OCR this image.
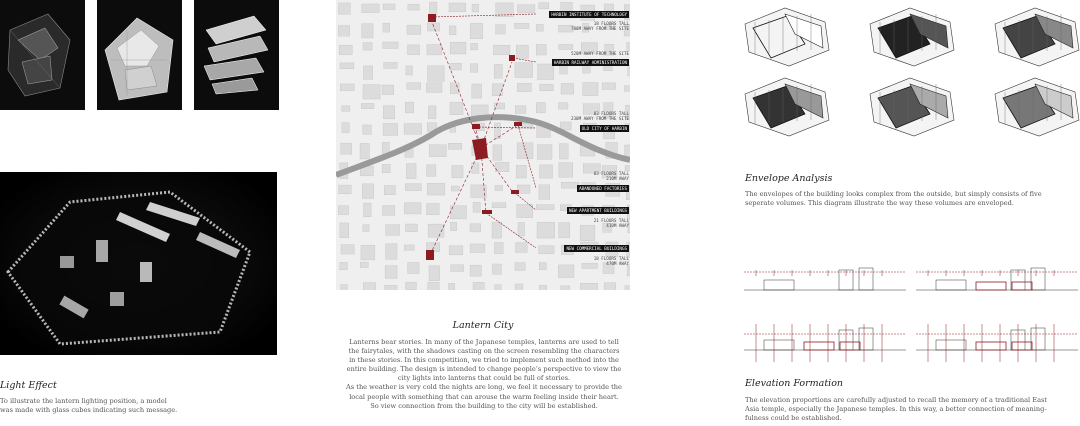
Light Effect
To illustrate the lantern lighting position, a model
was made with glass cubes indicating such message.
HARBIN INSTITUTE OF TECHNOLOGY
18 FLOORS TALL
780M AWAY FROM THE SITE
520M AWAY FROM THE SITE
HARBIN RAILWAY ADMINISTRATION
03 FLOORS TALL
230M AWAY FROM THE SITE
OLD CITY OF HARBIN
03 FLOORS TALL
210M AWAY
ABANDONED FACTORIES
NEW APARTMENT BUILDINGS
21 FLOORS TALL
410M AWAY
NEW COMMERCIAL BUILDINGS
18 FLOORS TALL
470M AWAY
Lantern City
Lanterns bear stories. In many of the Japanese temples, lanterns are used to tell
the fairytales, with the shadows casting on the screen resembling the characters
in these stories. In this competition, we tried to implement such method into the
entire building. The design is intended to change people’s perspective to view the
city lights into lanterns that could be full of stories.
As the weather is very cold the nights are long, we feel it necessary to provide the
local people with something that can arouse the warm feeling inside their heart.
So view connection from the building to the city will be established.
Envelope Analysis
The envelopes of the building looks complex from the outside, but simply consists of five
seperate volumes. This diagram illustrate the way these volumes are enveloped.
Elevation Formation
The elevation proportions are carefully adjusted to recall the memory of a traditional East
Asia temple, especially the Japanese temples. In this way, a better connection of meaning-
fulness could be established.
